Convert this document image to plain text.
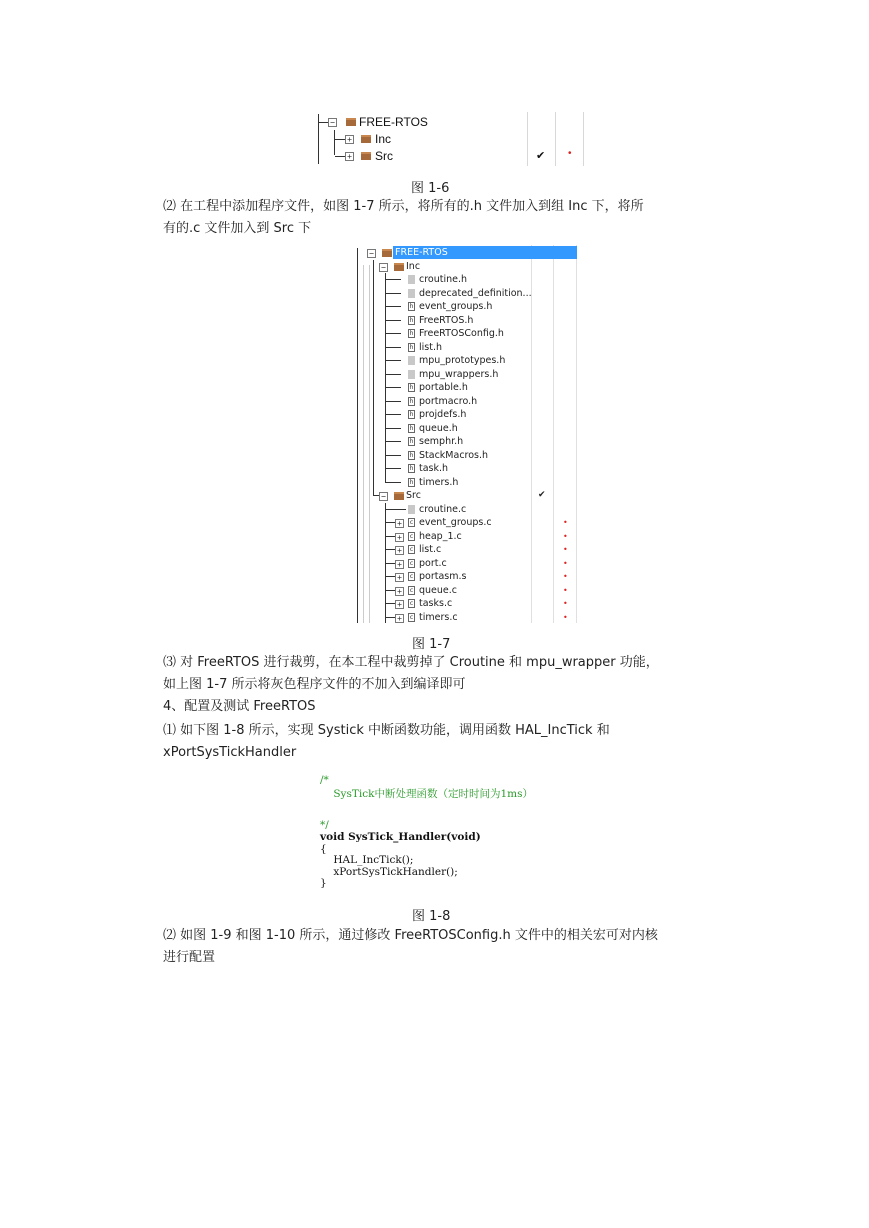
− FREE-RTOS
+ Inc
+ Src	✔ •
图 1-6
⑵ 在工程中添加程序文件，如图 1-7 所示，将所有的.h 文件加入到组 Inc 下，将所
有的.c 文件加入到 Src 下
− FREE-RTOS
− Inc
croutine.h
deprecated_definition...
h event_groups.h
h FreeRTOS.h
h FreeRTOSConfig.h
h list.h
mpu_prototypes.h
mpu_wrappers.h
h portable.h
h portmacro.h
h projdefs.h
h queue.h
h semphr.h
h StackMacros.h
h task.h
h timers.h
− Src	✔
croutine.c
+	c event_groups.c	•
+	c heap_1.c	•
+	c list.c	•
+	c port.c	•
+	c portasm.s	•
+	c queue.c	•
+	c tasks.c	•
+	c timers.c	•
图 1-7
⑶ 对 FreeRTOS 进行裁剪，在本工程中裁剪掉了 Croutine 和 mpu_wrapper 功能，
如上图 1-7 所示将灰色程序文件的不加入到编译即可
4、配置及测试 FreeRTOS
⑴ 如下图 1-8 所示，实现 Systick 中断函数功能，调用函数 HAL_IncTick 和
xPortSysTickHandler
/*
SysTick中断处理函数（定时时间为1ms）
*/
void SysTick_Handler(void)
{
HAL_IncTick();
xPortSysTickHandler();
}
图 1-8
⑵ 如图 1-9 和图 1-10 所示，通过修改 FreeRTOSConfig.h 文件中的相关宏可对内核
进行配置
